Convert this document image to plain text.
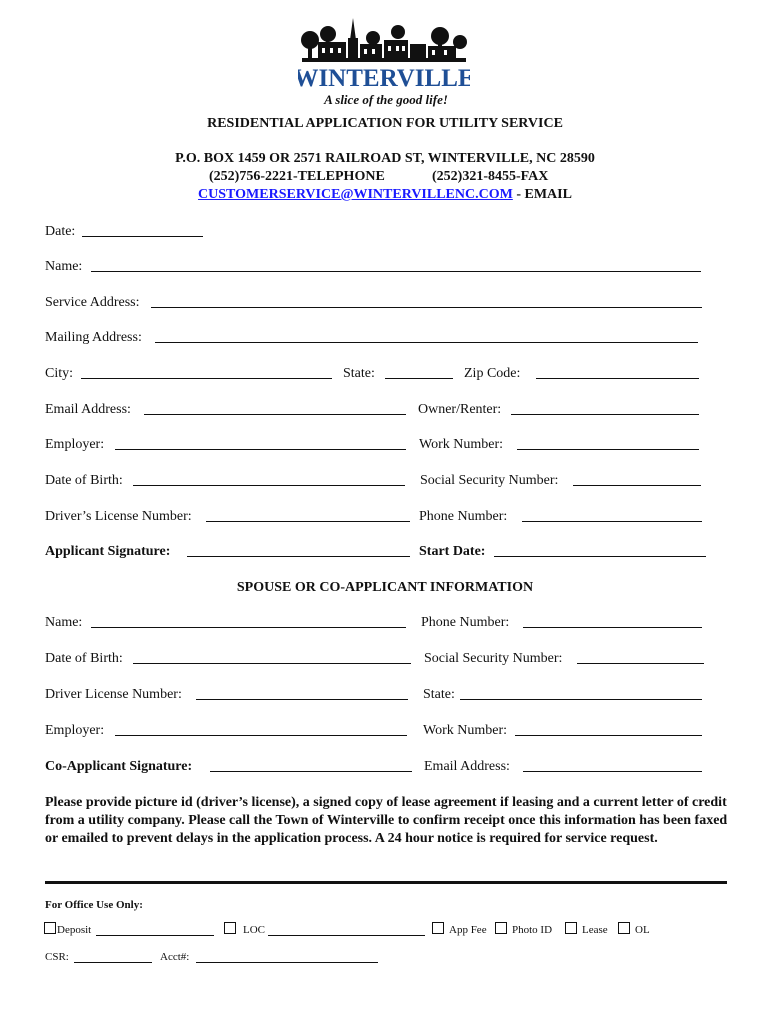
WINTERVILLE
A slice of the good life!
RESIDENTIAL APPLICATION FOR UTILITY SERVICE
P.O. BOX 1459 OR 2571 RAILROAD ST, WINTERVILLE, NC 28590
(252)756-2221-TELEPHONE	(252)321-8455-FAX
CUSTOMERSERVICE@WINTERVILLENC.COM - EMAIL
Date:
Name:
Service Address:
Mailing Address:
City:	State:	Zip Code:
Email Address:	Owner/Renter:
Employer:	Work Number:
Date of Birth:	Social Security Number:
Driver’s License Number:	Phone Number:
Applicant Signature:	Start Date:
SPOUSE OR CO-APPLICANT INFORMATION
Name:	Phone Number:
Date of Birth:	Social Security Number:
Driver License Number:	State:
Employer:	Work Number:
Co-Applicant Signature:	Email Address:
Please provide picture id (driver’s license), a signed copy of lease agreement if leasing and a current letter of credit from a utility company. Please call the Town of Winterville to confirm receipt once this information has been faxed or emailed to prevent delays in the application process. A 24 hour notice is required for service request.
For Office Use Only:
Deposit	LOC	App Fee Photo ID	Lease OL
CSR:	Acct#:
